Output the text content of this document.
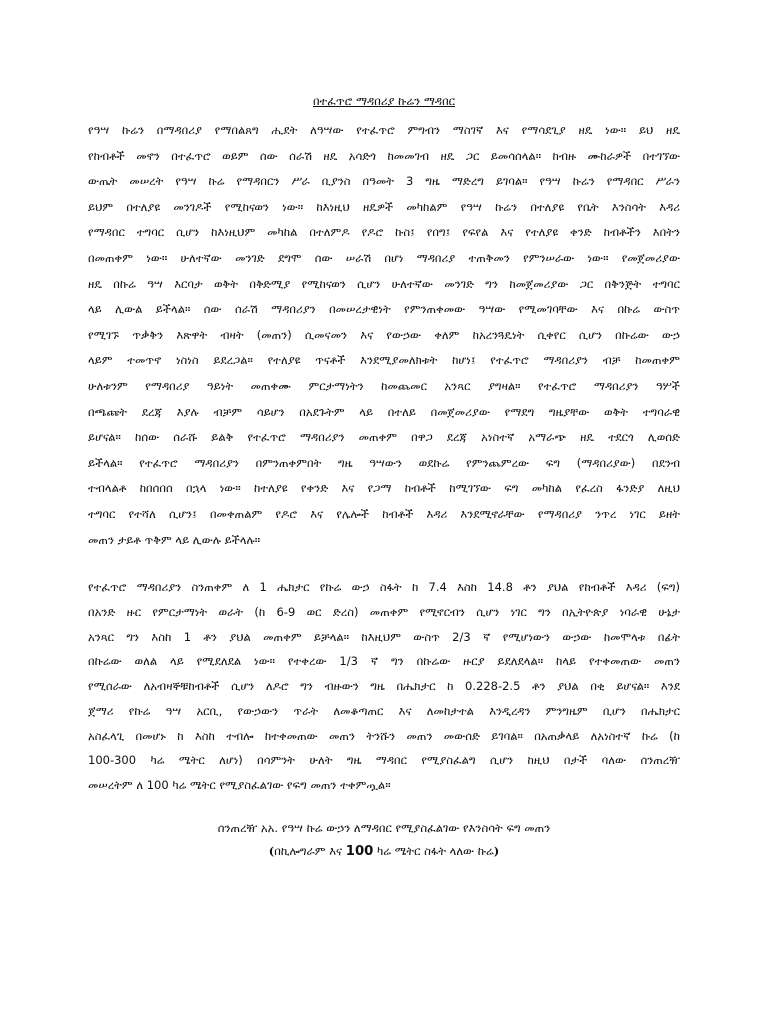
በተፈጥሮ ማዳበሪያ ኩሬን ማዳበር
የዓሣ ኩሬን በማዳበሪያ የማበልጸግ ሒደት ለዓሣው የተፈጥሮ ምግብን ማስገኛ እና የማሳደጊያ ዘዴ ነው። ይህ ዘዴ
የከብቶች መኖን በተፈጥሮ ወይም ሰው ሰራሽ ዘዴ አሳድጎ ከመመገብ ዘዴ ጋር ይመሳሰላል። ከብዙ ሙከራዎች በተገኘው
ውጤት መሠረት የዓሣ ኩሬ የማዳበርን ሥራ ቢያንስ በዓመት 3 ግዜ ማድረግ ይገባል። የዓሣ ኩሬን የማዳበር ሥራን
ይህም በተለያዩ መንገዶች የሚከናወን ነው። ከእነዚህ ዘዴዎች መካከልም የዓሣ ኩሬን በተለያዩ የቤት እንስሳት እዳሪ
የማዳበር ተግባር ሲሆን ከእነዚህም መካከል በተለምዶ የዶሮ ኩስ፤ የበግ፤ የፍየል እና የተለያዩ ቀንድ ከብቶችን እበትን
በመጠቀም ነው። ሁለተኛው መንገድ ደግሞ ሰው ሠራሽ በሆነ ማዳበሪያ ተጠቅመን የምንሠራው ነው። የመጀመሪያው
ዘዴ በኩሬ ዓሣ እርባታ ወቅት በቅድሚያ የሚከናወን ሲሆን ሁለተኛው መንገድ ግን ከመጀመሪያው ጋር በቅንጅት ተግባር
ላይ ሊውል ይችላል። ሰው ሰራሽ ማዳበሪያን በመሠረታዊነት የምንጠቀመው ዓሣው የሚመገባቸው እና በኩሬ ውስጥ
የሚገኙ ጥቃቅን እጽዋት ብዛት (መጠን) ሲመናመን እና የውኃው ቀለም ከአረንጓዴነት ሲቀየር ሲሆን በኩሬው ውኃ
ላይም ተመጥኖ ነስነስ ይደረጋል። የተለያዩ ጥናቶች እንደሚያመለክቱት ከሆነ፤ የተፈጥሮ ማዳበሪያን ብቻ ከመጠቀም
ሁለቱንም የማዳበሪያ ዓይነት መጠቀሙ ምርታማነትን ከመጨመር አንጻር ያግዛል። የተፈጥሮ ማዳበሪያን ዓሦች
በጫጩት ደረጃ እያሉ ብቻም ሳይሆን በአደጉትም ላይ በተለይ በመጀመሪያው የማደግ ግዜያቸው ወቅት ተግባራዊ
ይሆናል። ከሰው ሰራሹ ይልቅ የተፈጥሮ ማዳበሪያን መጠቀም በዋጋ ደረጃ አነስተኛ አማራጭ ዘዴ ተደርጎ ሊወሰድ
ይችላል። የተፈጥሮ ማዳበሪያን በምንጠቀምበት ግዜ ዓሣውን ወደኩሬ የምንጨምረው ፍግ (ማዳበሪያው) በደንብ
ተብላልቶ ከበሰበሰ በኋላ ነው። ከተለያዩ የቀንድ እና የጋማ ከብቶች ከሚገኘው ፍግ መካከል የፈረስ ፋንድያ ለዚህ
ተግባር የተሻለ ሲሆን፤ በመቀጠልም የዶሮ እና የሌሎች ከብቶች እዳሪ እንደሚኖራቸው የማዳበሪያ ንጥረ ነገር ይዘት
መጠን ታይቶ ጥቅም ላይ ሊውሉ ይችላሉ።
የተፈጥሮ ማዳበሪያን ስንጠቀም ለ 1 ሔክታር የኩሬ ውኃ ስፋት ከ 7.4 እስከ 14.8 ቶን ያህል የከብቶች እዳሪ (ፍግ)
በአንድ ዙር የምርታማነት ወራት (ከ 6-9 ወር ድረስ) መጠቀም የሚኖርብን ሲሆን ነገር ግን በኢትዮጵያ ነባራዊ ሁኔታ
አንጻር ግን እስከ 1 ቶን ያህል መጠቀም ይቻላል። ከእዚህም ውስጥ 2/3 ኛ የሚሆነውን ውኃው ከመሞላቱ በፊት
በኩሬው ወለል ላይ የሚደለደል ነው። የተቀረው 1/3 ኛ ግን በኩሬው ዙርያ ይደለደላል። ከላይ የተቀመጠው መጠን
የሚሰራው ለአብዛኞቹከብቶች ሲሆን ለዶሮ ግን ብዙውን ግዜ በሔክታር ከ 0.228-2.5 ቶን ያህል በቂ ይሆናል። እንደ
ጀማሪ የኩሬ ዓሣ አርቢ, የውኃውን ጥራት ለመቆጣጠር እና ለመከታተል እንዲረዳን ምንግዜም ቢሆን በሔክታር
አስፈላጊ በመሆኑ ከ እስከ ተብሎ ከተቀመጠው መጠን ትንሹን መጠን መውሰድ ይገባል። በአጠቃላይ ለአነስተኛ ኩሬ (ከ
100-300 ካሬ ሜትር ለሆነ) በሳምንት ሁለት ግዜ ማዳበር የሚያስፈልግ ሲሆን ከዚህ በታች ባለው ሰንጠረዥ
መሠረትም ለ 100 ካሬ ሜትር የሚያስፈልገው የፍግ መጠን ተቀምጧል።
ሰንጠረዥ አአ. የዓሣ ኩሬ ውኃን ለማዳበር የሚያስፈልገው የእንስሳት ፍግ መጠን
(በኪሎግራም እና 100 ካሬ ሜትር ስፋት ላለው ኩሬ)
